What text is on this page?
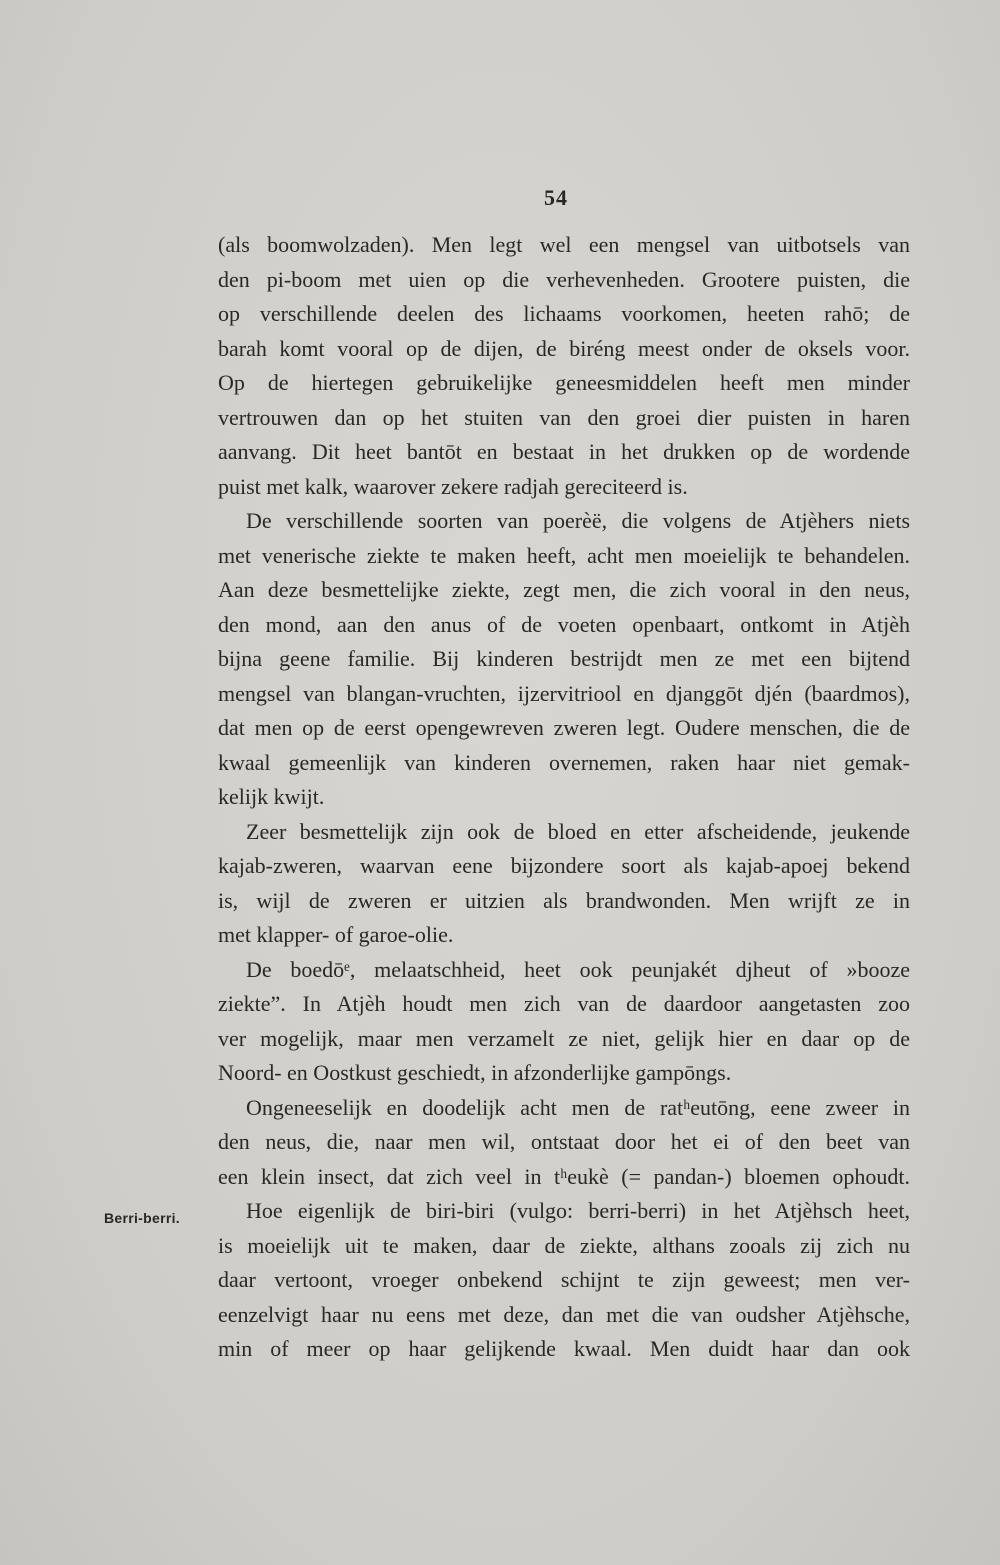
54
Berri-berri.
(als boomwolzaden). Men legt wel een mengsel van uitbotsels van
den pi-boom met uien op die verhevenheden. Grootere puisten, die
op verschillende deelen des lichaams voorkomen, heeten rahō; de
barah komt vooral op de dijen, de biréng meest onder de oksels voor.
Op de hiertegen gebruikelijke geneesmiddelen heeft men minder
vertrouwen dan op het stuiten van den groei dier puisten in haren
aanvang. Dit heet bantōt en bestaat in het drukken op de wordende
puist met kalk, waarover zekere radjah gereciteerd is.
De verschillende soorten van poerèë, die volgens de Atjèhers niets
met venerische ziekte te maken heeft, acht men moeielijk te behandelen.
Aan deze besmettelijke ziekte, zegt men, die zich vooral in den neus,
den mond, aan den anus of de voeten openbaart, ontkomt in Atjèh
bijna geene familie. Bij kinderen bestrijdt men ze met een bijtend
mengsel van blangan-vruchten, ijzervitriool en djanggōt djén (baardmos),
dat men op de eerst opengewreven zweren legt. Oudere menschen, die de
kwaal gemeenlijk van kinderen overnemen, raken haar niet gemak-
kelijk kwijt.
Zeer besmettelijk zijn ook de bloed en etter afscheidende, jeukende
kajab-zweren, waarvan eene bijzondere soort als kajab-apoej bekend
is, wijl de zweren er uitzien als brandwonden. Men wrijft ze in
met klapper- of garoe-olie.
De boedōᵉ, melaatschheid, heet ook peunjakét djheut of »booze
ziekte”. In Atjèh houdt men zich van de daardoor aangetasten zoo
ver mogelijk, maar men verzamelt ze niet, gelijk hier en daar op de
Noord- en Oostkust geschiedt, in afzonderlijke gampōngs.
Ongeneeselijk en doodelijk acht men de ratʰeutōng, eene zweer in
den neus, die, naar men wil, ontstaat door het ei of den beet van
een klein insect, dat zich veel in tʰeukè (= pandan-) bloemen ophoudt.
Hoe eigenlijk de biri-biri (vulgo: berri-berri) in het Atjèhsch heet,
is moeielijk uit te maken, daar de ziekte, althans zooals zij zich nu
daar vertoont, vroeger onbekend schijnt te zijn geweest; men ver-
eenzelvigt haar nu eens met deze, dan met die van oudsher Atjèhsche,
min of meer op haar gelijkende kwaal. Men duidt haar dan ook
